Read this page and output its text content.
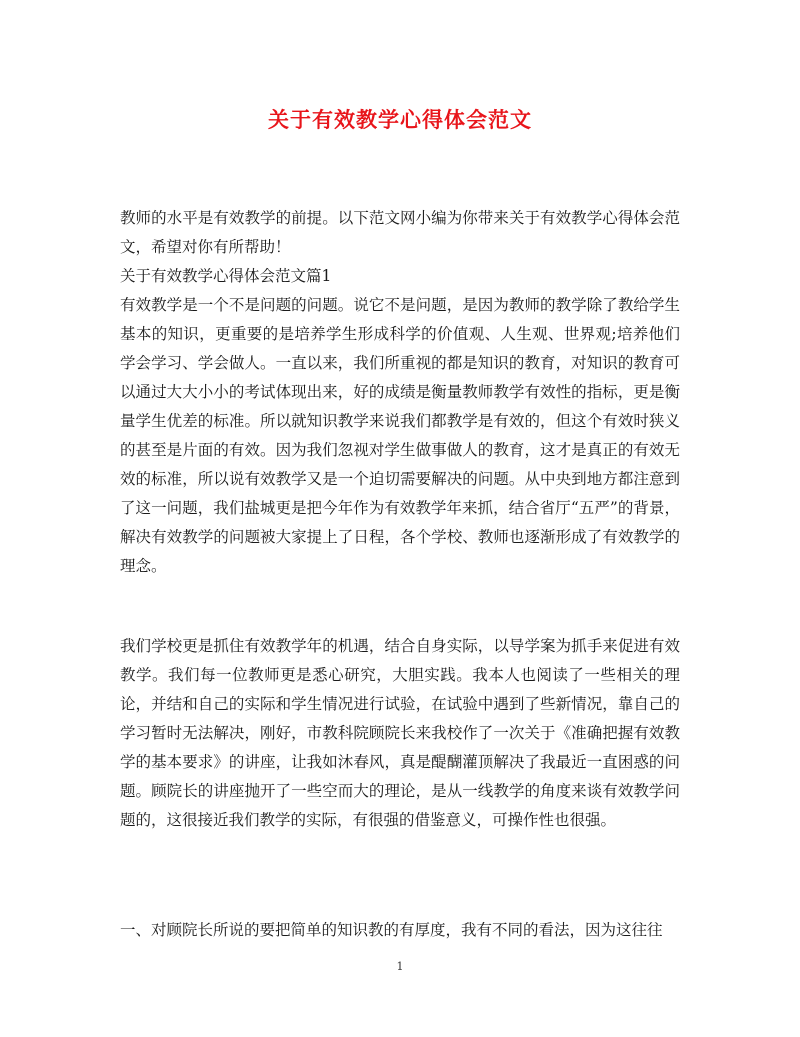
关于有效教学心得体会范文

教师的水平是有效教学的前提。以下范文网小编为你带来关于有效教学心得体会范文，希望对你有所帮助！

关于有效教学心得体会范文篇1

有效教学是一个不是问题的问题。说它不是问题，是因为教师的教学除了教给学生基本的知识，更重要的是培养学生形成科学的价值观、人生观、世界观;培养他们学会学习、学会做人。一直以来，我们所重视的都是知识的教育，对知识的教育可以通过大大小小的考试体现出来，好的成绩是衡量教师教学有效性的指标，更是衡量学生优差的标准。所以就知识教学来说我们都教学是有效的，但这个有效时狭义的甚至是片面的有效。因为我们忽视对学生做事做人的教育，这才是真正的有效无效的标准，所以说有效教学又是一个迫切需要解决的问题。从中央到地方都注意到了这一问题，我们盐城更是把今年作为有效教学年来抓，结合省厅“五严”的背景，解决有效教学的问题被大家提上了日程，各个学校、教师也逐渐形成了有效教学的理念。

我们学校更是抓住有效教学年的机遇，结合自身实际，以导学案为抓手来促进有效教学。我们每一位教师更是悉心研究，大胆实践。我本人也阅读了一些相关的理论，并结和自己的实际和学生情况进行试验，在试验中遇到了些新情况，靠自己的学习暂时无法解决，刚好，市教科院顾院长来我校作了一次关于《准确把握有效教学的基本要求》的讲座，让我如沐春风，真是醍醐灌顶解决了我最近一直困惑的问题。顾院长的讲座抛开了一些空而大的理论，是从一线教学的角度来谈有效教学问题的，这很接近我们教学的实际，有很强的借鉴意义，可操作性也很强。

一、对顾院长所说的要把简单的知识教的有厚度，我有不同的看法，因为这往往

1
